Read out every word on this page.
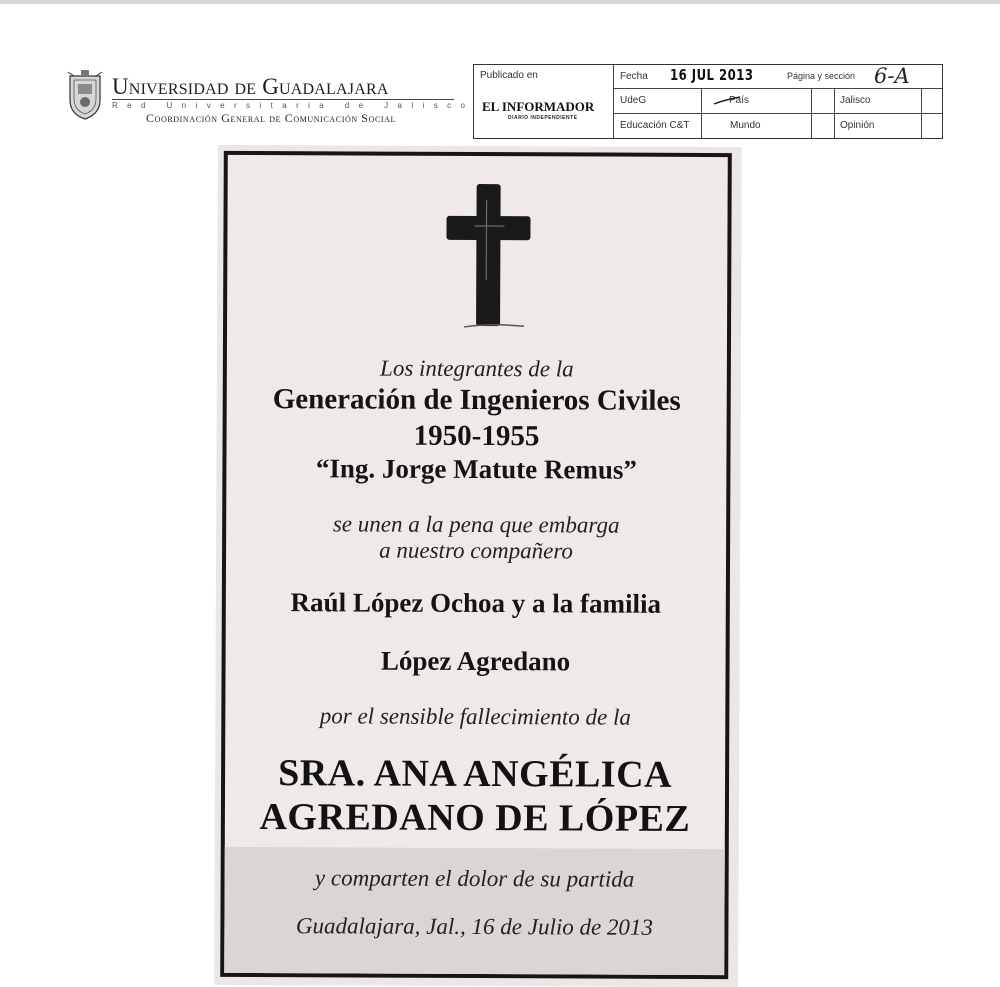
Universidad de Guadalajara
Red Universitaria de Jalisco
Coordinación General de Comunicación Social
Publicado en
EL INFORMADOR
DIARIO INDEPENDIENTE
Fecha 16 JUL 2013	Página y sección 6-A
UdeG	País	Jalisco
Educación C&T	Mundo	Opinión
Los integrantes de la
Generación de Ingenieros Civiles
1950-1955
“Ing. Jorge Matute Remus”
se unen a la pena que embarga
a nuestro compañero
Raúl López Ochoa y a la familia
López Agredano
por el sensible fallecimiento de la
SRA. ANA ANGÉLICA
AGREDANO DE LÓPEZ
y comparten el dolor de su partida
Guadalajara, Jal., 16 de Julio de 2013
